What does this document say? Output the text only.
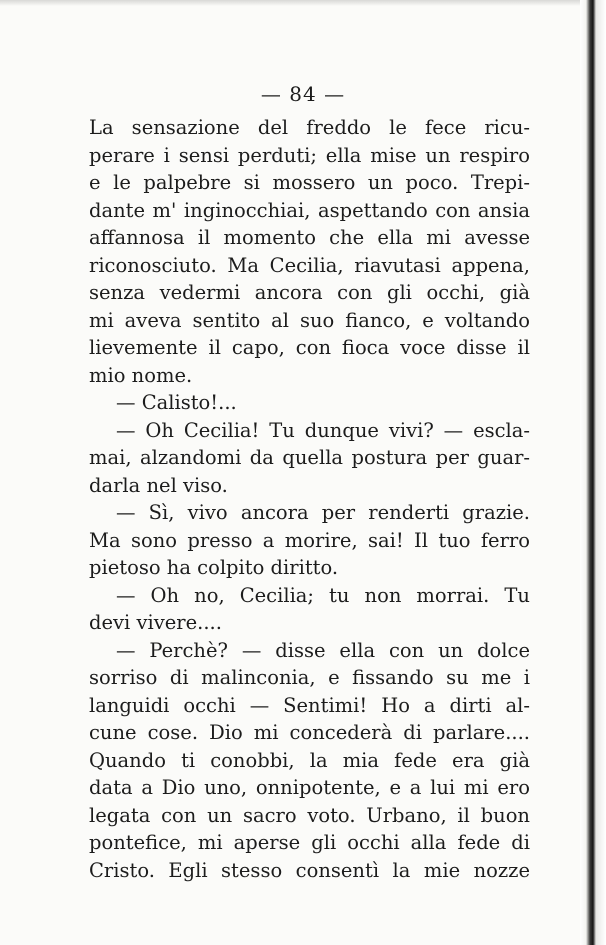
— 84 —
La sensazione del freddo le fece ricu-
perare i sensi perduti; ella mise un respiro
e le palpebre si mossero un poco. Trepi-
dante m' inginocchiai, aspettando con ansia
affannosa il momento che ella mi avesse
riconosciuto. Ma Cecilia, riavutasi appena,
senza vedermi ancora con gli occhi, già
mi aveva sentito al suo fianco, e voltando
lievemente il capo, con fioca voce disse il
mio nome.
— Calisto!...
— Oh Cecilia! Tu dunque vivi? — escla-
mai, alzandomi da quella postura per guar-
darla nel viso.
— Sì, vivo ancora per renderti grazie.
Ma sono presso a morire, sai! Il tuo ferro
pietoso ha colpito diritto.
— Oh no, Cecilia; tu non morrai. Tu
devi vivere....
— Perchè? — disse ella con un dolce
sorriso di malinconia, e fissando su me i
languidi occhi — Sentimi! Ho a dirti al-
cune cose. Dio mi concederà di parlare....
Quando ti conobbi, la mia fede era già
data a Dio uno, onnipotente, e a lui mi ero
legata con un sacro voto. Urbano, il buon
pontefice, mi aperse gli occhi alla fede di
Cristo. Egli stesso consentì la mie nozze
